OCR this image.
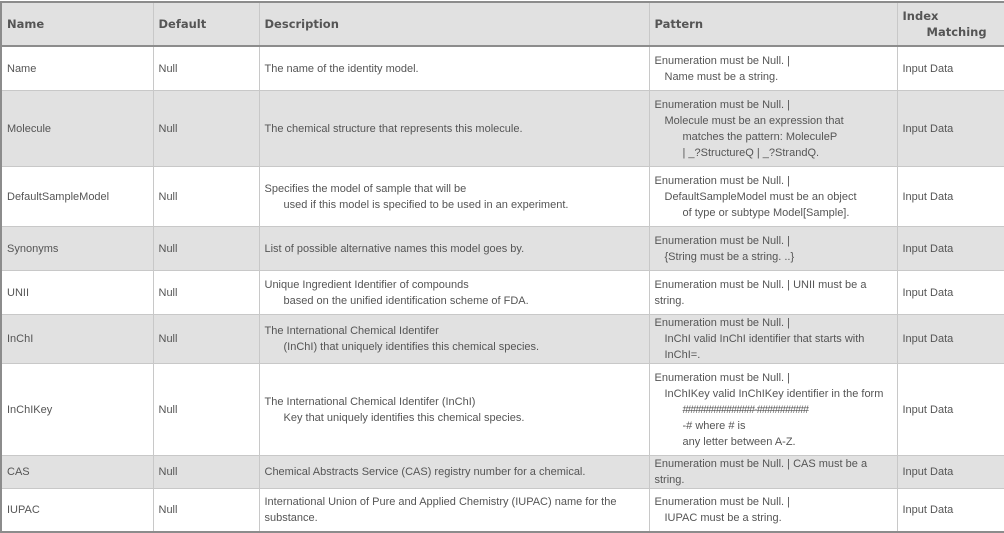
Name	Default	Description	Pattern	Index
Matching

Name	Null	The name of the identity model.	Enumeration must be Null. |
Name must be a string.	Input Data
Molecule	Null	The chemical structure that represents this molecule.	Enumeration must be Null. |
Molecule must be an expression that
matches the pattern: MoleculeP
| _?StructureQ | _?StrandQ.	Input Data
DefaultSampleModel	Null	Specifies the model of sample that will be
used if this model is specified to be used in an experiment.	Enumeration must be Null. |
DefaultSampleModel must be an object
of type or subtype Model[Sample].	Input Data
Synonyms	Null	List of possible alternative names this model goes by.	Enumeration must be Null. |
{String must be a string. ..}	Input Data
UNII	Null	Unique Ingredient Identifier of compounds
based on the unified identification scheme of FDA.	Enumeration must be Null. | UNII must be a string.	Input Data
InChI	Null	The International Chemical Identifer
(InChI) that uniquely identifies this chemical species.	Enumeration must be Null. |
InChI valid InChI identifier that starts with InChI=.	Input Data
InChIKey	Null	The International Chemical Identifer (InChI)
Key that uniquely identifies this chemical species.	Enumeration must be Null. |
InChIKey valid InChIKey identifier in the form
##############-##########
-# where # is
any letter between A-Z.	Input Data
CAS	Null	Chemical Abstracts Service (CAS) registry number for a chemical.	Enumeration must be Null. | CAS must be a string.	Input Data
IUPAC	Null	International Union of Pure and Applied Chemistry (IUPAC) name for the substance.	Enumeration must be Null. |
IUPAC must be a string.	Input Data
